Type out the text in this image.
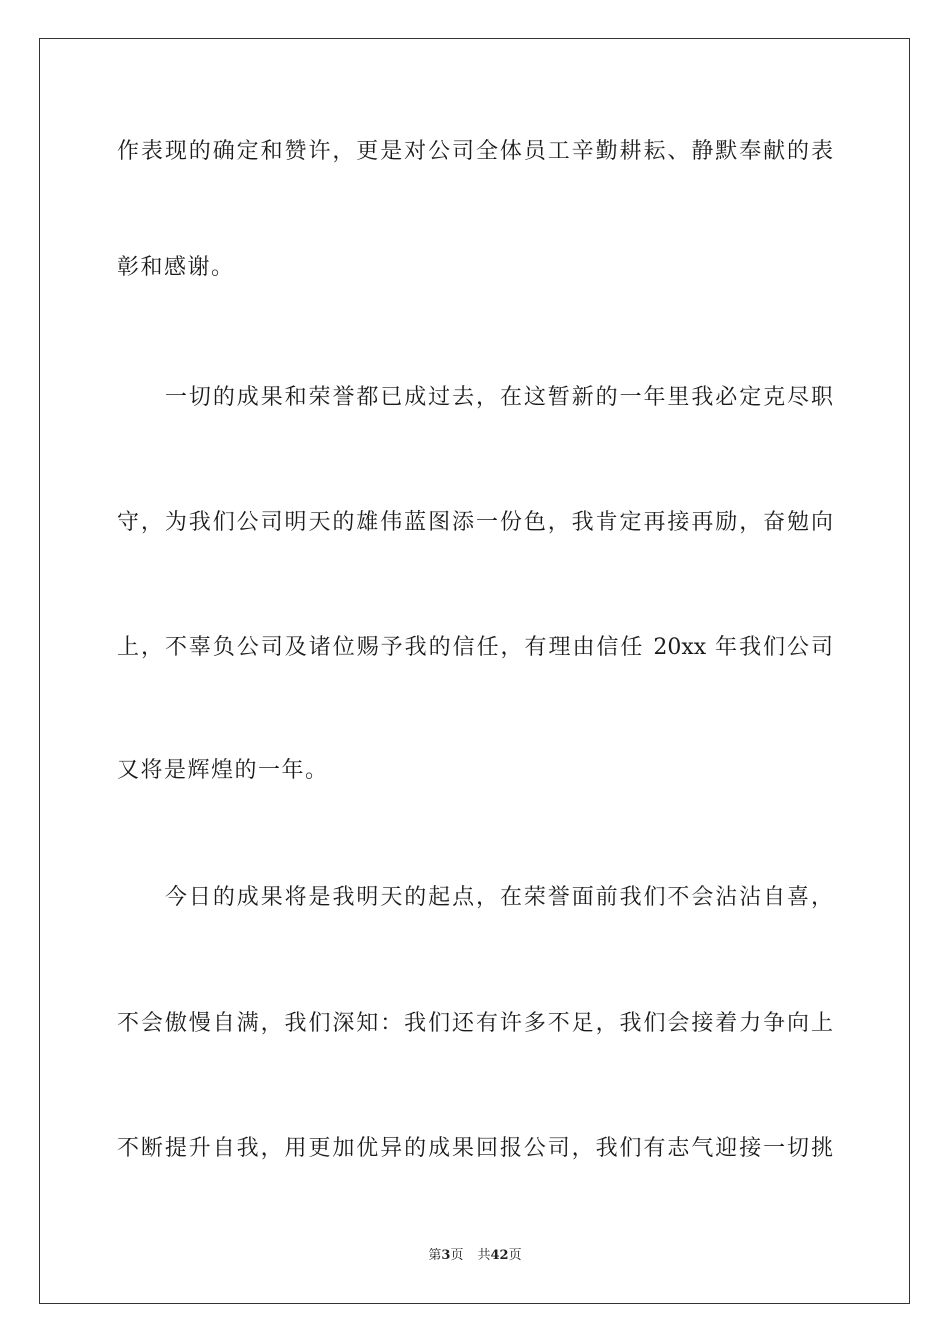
作表现的确定和赞许，更是对公司全体员工辛勤耕耘、静默奉献的表
彰和感谢。
一切的成果和荣誉都已成过去，在这暂新的一年里我必定克尽职
守，为我们公司明天的雄伟蓝图添一份色，我肯定再接再励，奋勉向
上，不辜负公司及诸位赐予我的信任，有理由信任 20xx 年我们公司
又将是辉煌的一年。
今日的成果将是我明天的起点，在荣誉面前我们不会沾沾自喜，
不会傲慢自满，我们深知：我们还有许多不足，我们会接着力争向上
不断提升自我，用更加优异的成果回报公司，我们有志气迎接一切挑
第3页 共42页
